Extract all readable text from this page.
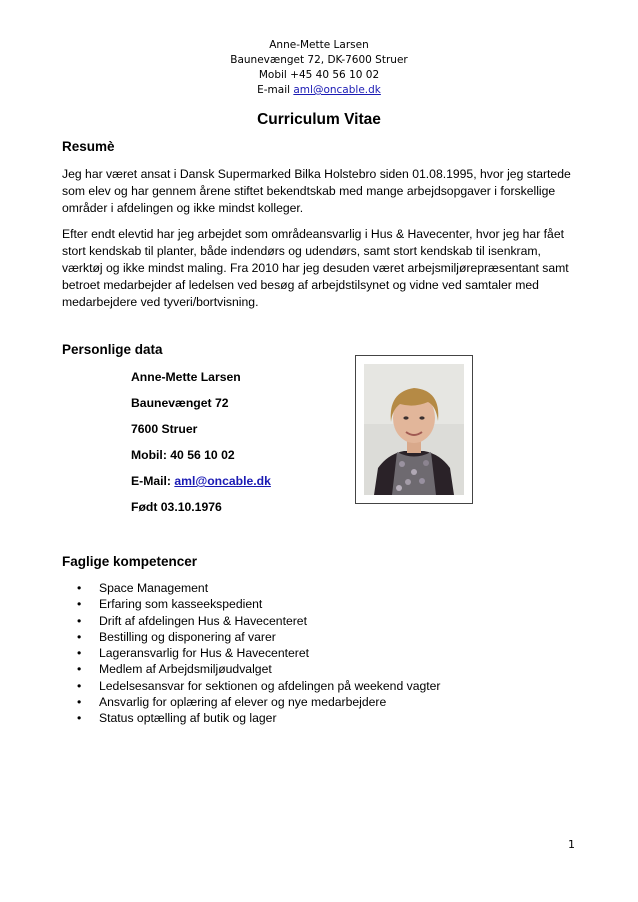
Anne-Mette Larsen
Baunevænget 72, DK-7600 Struer
Mobil +45 40 56 10 02
E-mail aml@oncable.dk
Curriculum Vitae
Resumè

Jeg har været ansat i Dansk Supermarked Bilka Holstebro siden 01.08.1995, hvor jeg startede som elev og har gennem årene stiftet bekendtskab med mange arbejdsopgaver i forskellige områder i afdelingen og ikke mindst kolleger.

Efter endt elevtid har jeg arbejdet som områdeansvarlig i Hus & Havecenter, hvor jeg har fået stort kendskab til planter, både indendørs og udendørs, samt stort kendskab til isenkram, værktøj og ikke mindst maling. Fra 2010 har jeg desuden været arbejsmiljørepræsentant samt betroet medarbejder af ledelsen ved besøg af arbejdstilsynet og vidne ved samtaler med medarbejdere ved tyveri/bortvisning.

Personlige data
Anne-Mette Larsen
Baunevænget 72
7600 Struer
Mobil: 40 56 10 02
E-Mail: aml@oncable.dk
Født 03.10.1976
Faglige kompetencer
• Space Management
• Erfaring som kasseekspedient
• Drift af afdelingen Hus & Havecenteret
• Bestilling og disponering af varer
• Lageransvarlig for Hus & Havecenteret
• Medlem af Arbejdsmiljøudvalget
• Ledelsesansvar for sektionen og afdelingen på weekend vagter
• Ansvarlig for oplæring af elever og nye medarbejdere
• Status optælling af butik og lager
1
